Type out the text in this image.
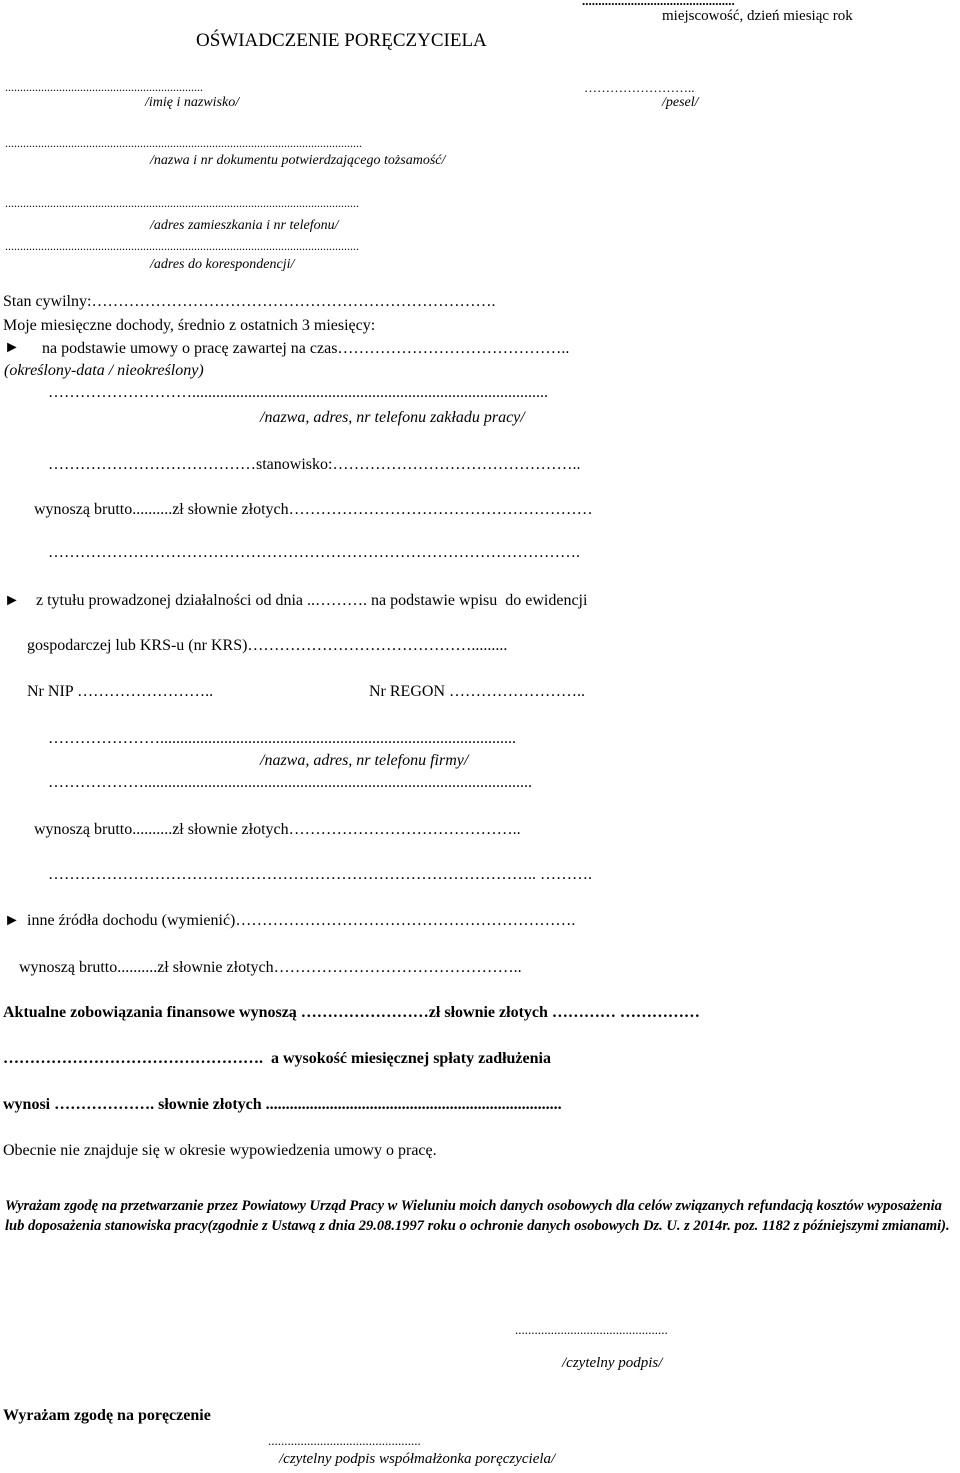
...............................................
miejscowość, dzień miesiąc rok
OŚWIADCZENIE PORĘCZYCIELA
..................................................................
/imię i nazwisko/
……………………..
/pesel/
.......................................................................................................................
/nazwa i nr dokumentu potwierdzającego tożsamość/
......................................................................................................................
/adres zamieszkania i nr telefonu/
......................................................................................................................
/adres do korespondencji/
Stan cywilny:………………………………………………………………….
Moje miesięczne dochody, średnio z ostatnich 3 miesięcy:
► na podstawie umowy o pracę zawartej na czas……………………………………..
(określony-data / nieokreślony)
……………………….........................................................................................
/nazwa, adres, nr telefonu zakładu pracy/
…………………………………stanowisko:………………………………………..
wynoszą brutto..........zł słownie złotych…………………………………………………
……………………………………………………………………………………….
► z tytułu prowadzonej działalności od dnia ..………. na podstawie wpisu  do ewidencji
gospodarczej lub KRS-u (nr KRS)…………………………………….........
Nr NIP ……………………..	Nr REGON ……………………..
………………….........................................................................................
/nazwa, adres, nr telefonu firmy/
……………….................................................................................................
wynoszą brutto..........zł słownie złotych……………………………………..
……………………………………………………………………………….. ……….
► inne źródła dochodu (wymienić)……………………………………………………….
wynoszą brutto..........zł słownie złotych………………………………………..
Aktualne zobowiązania finansowe wynoszą ……………………zł słownie złotych ………… ……………
………………………………………….  a wysokość miesięcznej spłaty zadłużenia
wynosi ………………. słownie złotych ..........................................................................
Obecnie nie znajduje się w okresie wypowiedzenia umowy o pracę.
Wyrażam zgodę na przetwarzanie przez Powiatowy Urząd Pracy w Wieluniu moich danych osobowych dla celów związanych refundacją kosztów wyposażenia lub doposażenia stanowiska pracy(zgodnie z Ustawą z dnia 29.08.1997 roku o ochronie danych osobowych Dz. U. z 2014r. poz. 1182 z późniejszymi zmianami).
...............................................
/czytelny podpis/
Wyrażam zgodę na poręczenie
...............................................
/czytelny podpis współmałżonka poręczyciela/
